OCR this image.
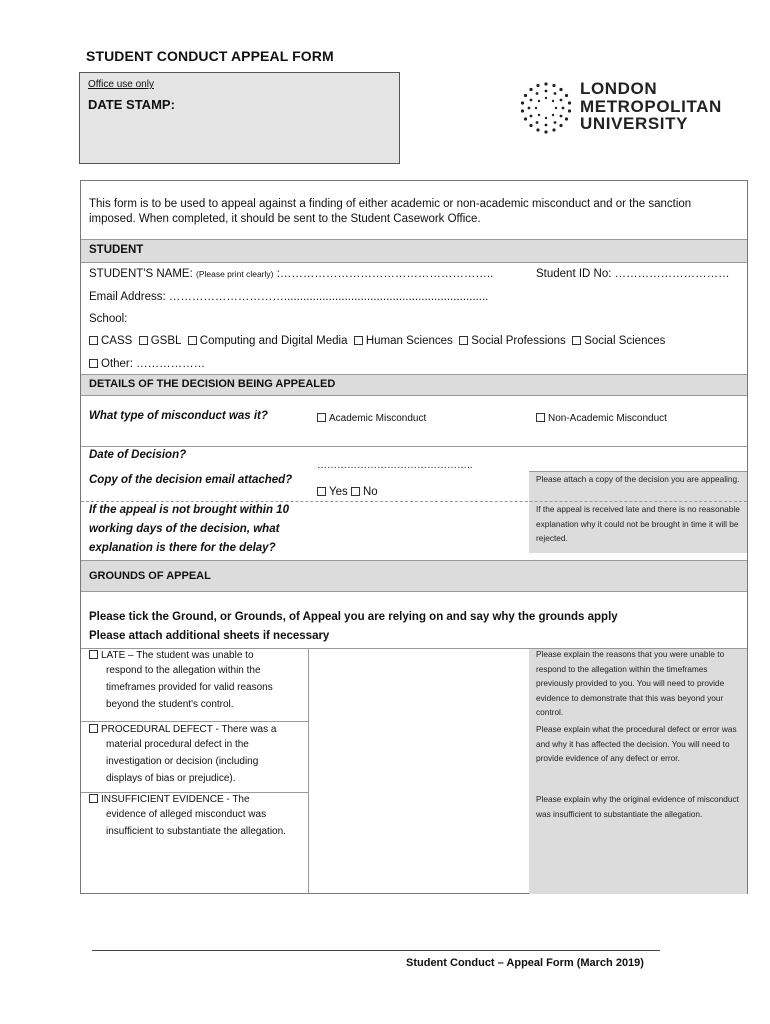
STUDENT CONDUCT APPEAL FORM
Office use only
DATE STAMP:
LONDON
METROPOLITAN
UNIVERSITY
This form is to be used to appeal against a finding of either academic or non-academic misconduct and or the sanction imposed. When completed, it should be sent to the Student Casework Office.
STUDENT
STUDENT'S NAME: (Please print clearly) :………………………………………………..	Student ID No: …………………………
Email Address: …………………………................................................................
School:
CASS GSBL Computing and Digital Media Human Sciences Social Professions Social Sciences
Other: ………………
DETAILS OF THE DECISION BEING APPEALED
What type of misconduct was it?	Academic Misconduct	Non-Academic Misconduct
Date of Decision?
………………………………………..
Copy of the decision email attached?
Yes No
Please attach a copy of the decision you are appealing.
If the appeal is not brought within 10
working days of the decision, what
explanation is there for the delay?
If the appeal is received late and there is no reasonable explanation why it could not be brought in time it will be rejected.
GROUNDS OF APPEAL
Please tick the Ground, or Grounds, of Appeal you are relying on and say why the grounds apply
Please attach additional sheets if necessary
LATE – The student was unable to
respond to the allegation within the
timeframes provided for valid reasons
beyond the student's control.
Please explain the reasons that you were unable to respond to the allegation within the timeframes previously provided to you. You will need to provide evidence to demonstrate that this was beyond your control.
PROCEDURAL DEFECT - There was a
material procedural defect in the
investigation or decision (including
displays of bias or prejudice).
Please explain what the procedural defect or error was and why it has affected the decision. You will need to provide evidence of any defect or error.
INSUFFICIENT EVIDENCE - The
evidence of alleged misconduct was
insufficient to substantiate the allegation.
Please explain why the original evidence of misconduct was insufficient to substantiate the allegation.
Student Conduct – Appeal Form (March 2019)
